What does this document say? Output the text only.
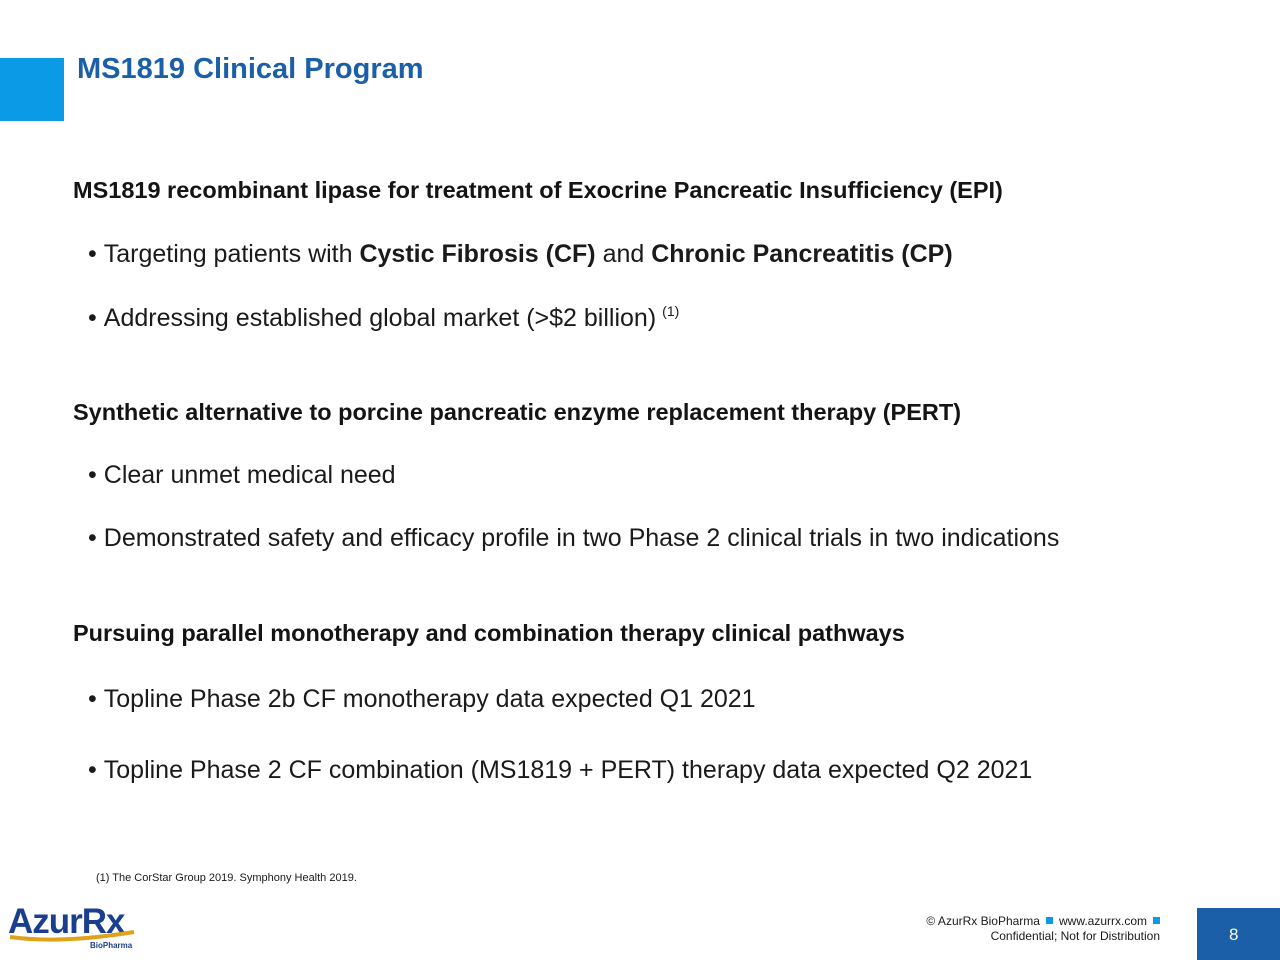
MS1819 Clinical Program
MS1819 recombinant lipase for treatment of Exocrine Pancreatic Insufficiency (EPI)
• Targeting patients with Cystic Fibrosis (CF) and Chronic Pancreatitis (CP)
• Addressing established global market (>$2 billion) $^{(1)}$
Synthetic alternative to porcine pancreatic enzyme replacement therapy (PERT)
• Clear unmet medical need
• Demonstrated safety and efficacy profile in two Phase 2 clinical trials in two indications
Pursuing parallel monotherapy and combination therapy clinical pathways
• Topline Phase 2b CF monotherapy data expected Q1 2021
• Topline Phase 2 CF combination (MS1819 + PERT) therapy data expected Q2 2021
(1) The CorStar Group 2019. Symphony Health 2019.
AzurRx
BioPharma
© AzurRx BioPharma www.azurrx.com
Confidential; Not for Distribution	8
